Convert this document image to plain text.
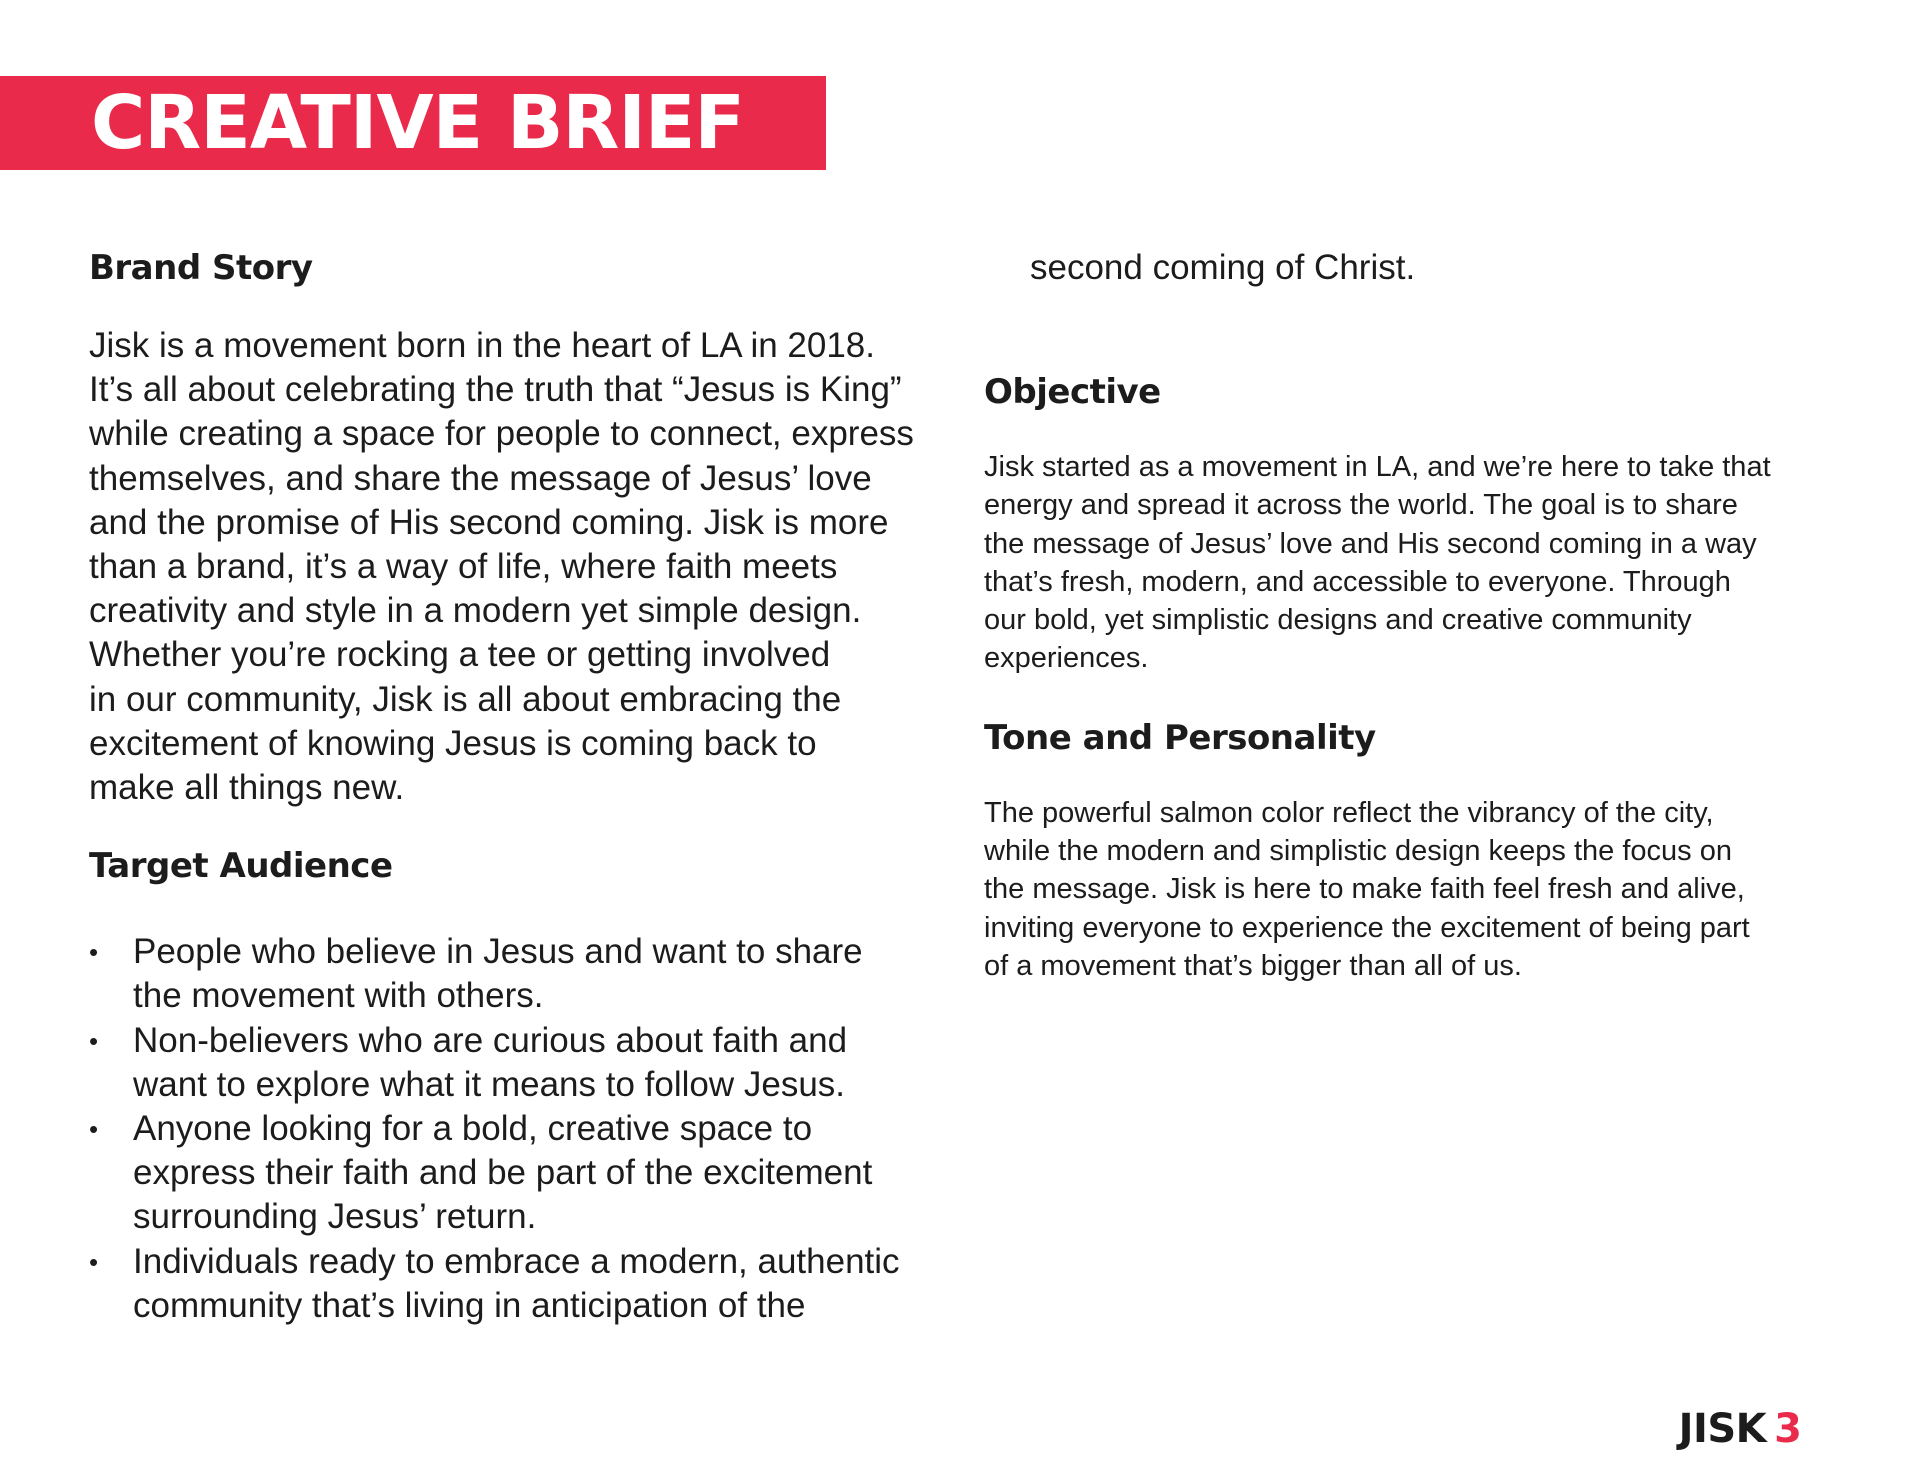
CREATIVE BRIEF
Brand Story

Jisk is a movement born in the heart of LA in 2018.
It’s all about celebrating the truth that “Jesus is King”
while creating a space for people to connect, express
themselves, and share the message of Jesus’ love
and the promise of His second coming. Jisk is more
than a brand, it’s a way of life, where faith meets
creativity and style in a modern yet simple design.
Whether you’re rocking a tee or getting involved
in our community, Jisk is all about embracing the
excitement of knowing Jesus is coming back to
make all things new.

Target Audience
• People who believe in Jesus and want to share
the movement with others.
• Non-believers who are curious about faith and
want to explore what it means to follow Jesus.
• Anyone looking for a bold, creative space to
express their faith and be part of the excitement
surrounding Jesus’ return.
• Individuals ready to embrace a modern, authentic
community that’s living in anticipation of the

second coming of Christ.

Objective

Jisk started as a movement in LA, and we’re here to take that
energy and spread it across the world. The goal is to share
the message of Jesus’ love and His second coming in a way
that’s fresh, modern, and accessible to everyone. Through
our bold, yet simplistic designs and creative community
experiences.

Tone and Personality

The powerful salmon color reflect the vibrancy of the city,
while the modern and simplistic design keeps the focus on
the message. Jisk is here to make faith feel fresh and alive,
inviting everyone to experience the excitement of being part
of a movement that’s bigger than all of us.

JISK 3
